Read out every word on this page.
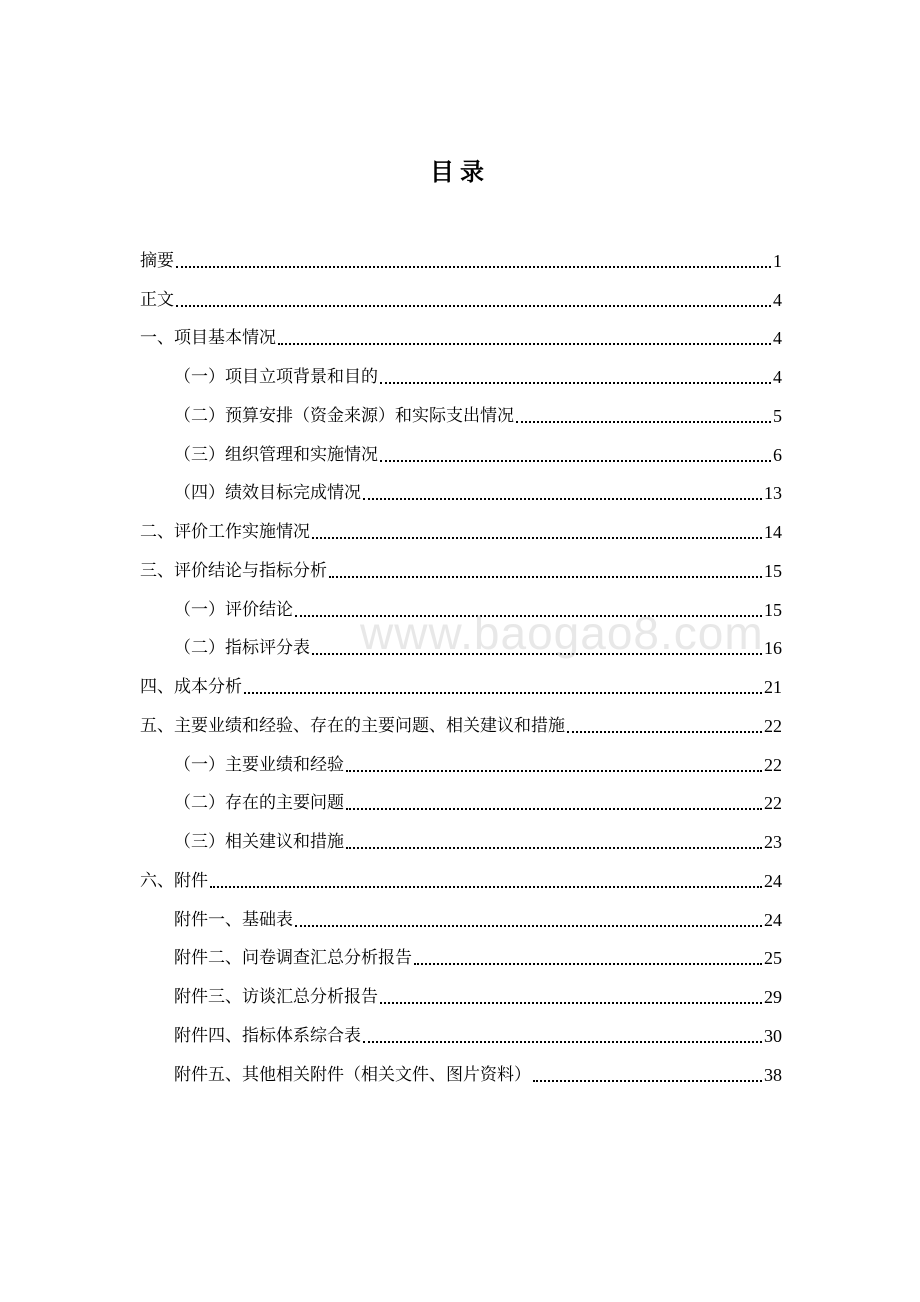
目录
摘要	1
正文	4
一、项目基本情况	4
（一）项目立项背景和目的	4
（二）预算安排（资金来源）和实际支出情况	5
（三）组织管理和实施情况	6
（四）绩效目标完成情况	13
二、评价工作实施情况	14
三、评价结论与指标分析	15
（一）评价结论	15
（二）指标评分表	16
四、成本分析	21
五、主要业绩和经验、存在的主要问题、相关建议和措施	22
（一）主要业绩和经验	22
（二）存在的主要问题	22
（三）相关建议和措施	23
六、附件	24
附件一、基础表	24
附件二、问卷调查汇总分析报告	25
附件三、访谈汇总分析报告	29
附件四、指标体系综合表	30
附件五、其他相关附件（相关文件、图片资料）	38
www.baogao8.com
